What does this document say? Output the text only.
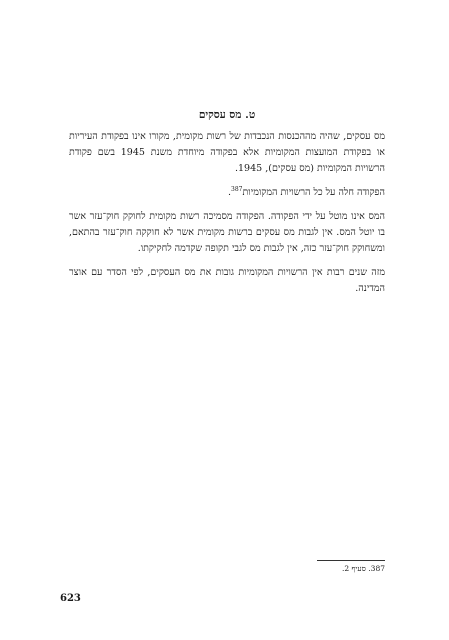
ט. מס עסקים

מס עסקים, שהיה מההכנסות הנכבדות של רשות מקומית, מקורו אינו בפקודת העיריות או בפקודת המועצות המקומיות אלא בפקודה מיוחדת משנת 1945 בשם פקודת הרשויות המקומיות (מס עסקים), 1945.

הפקודה חלה על כל הרשויות המקומיות$^{387}$.

המס אינו מוטל על ידי הפקודה. הפקודה מסמיכה רשות מקומית לחוקק חוק־עזר אשר בו יוטל המס. אין לגבות מס עסקים ברשות מקומית אשר לא חוקקה חוק־עזר בהתאם, ומשחוקק חוק־עזר כזה, אין לגבות מס לגבי תקופה שקדמה לחקיקתו.

מזה שנים רבות אין הרשויות המקומיות גובות את מס העסקים, לפי הסדר עם אוצר המדינה.

387. סעיף 2.
623
